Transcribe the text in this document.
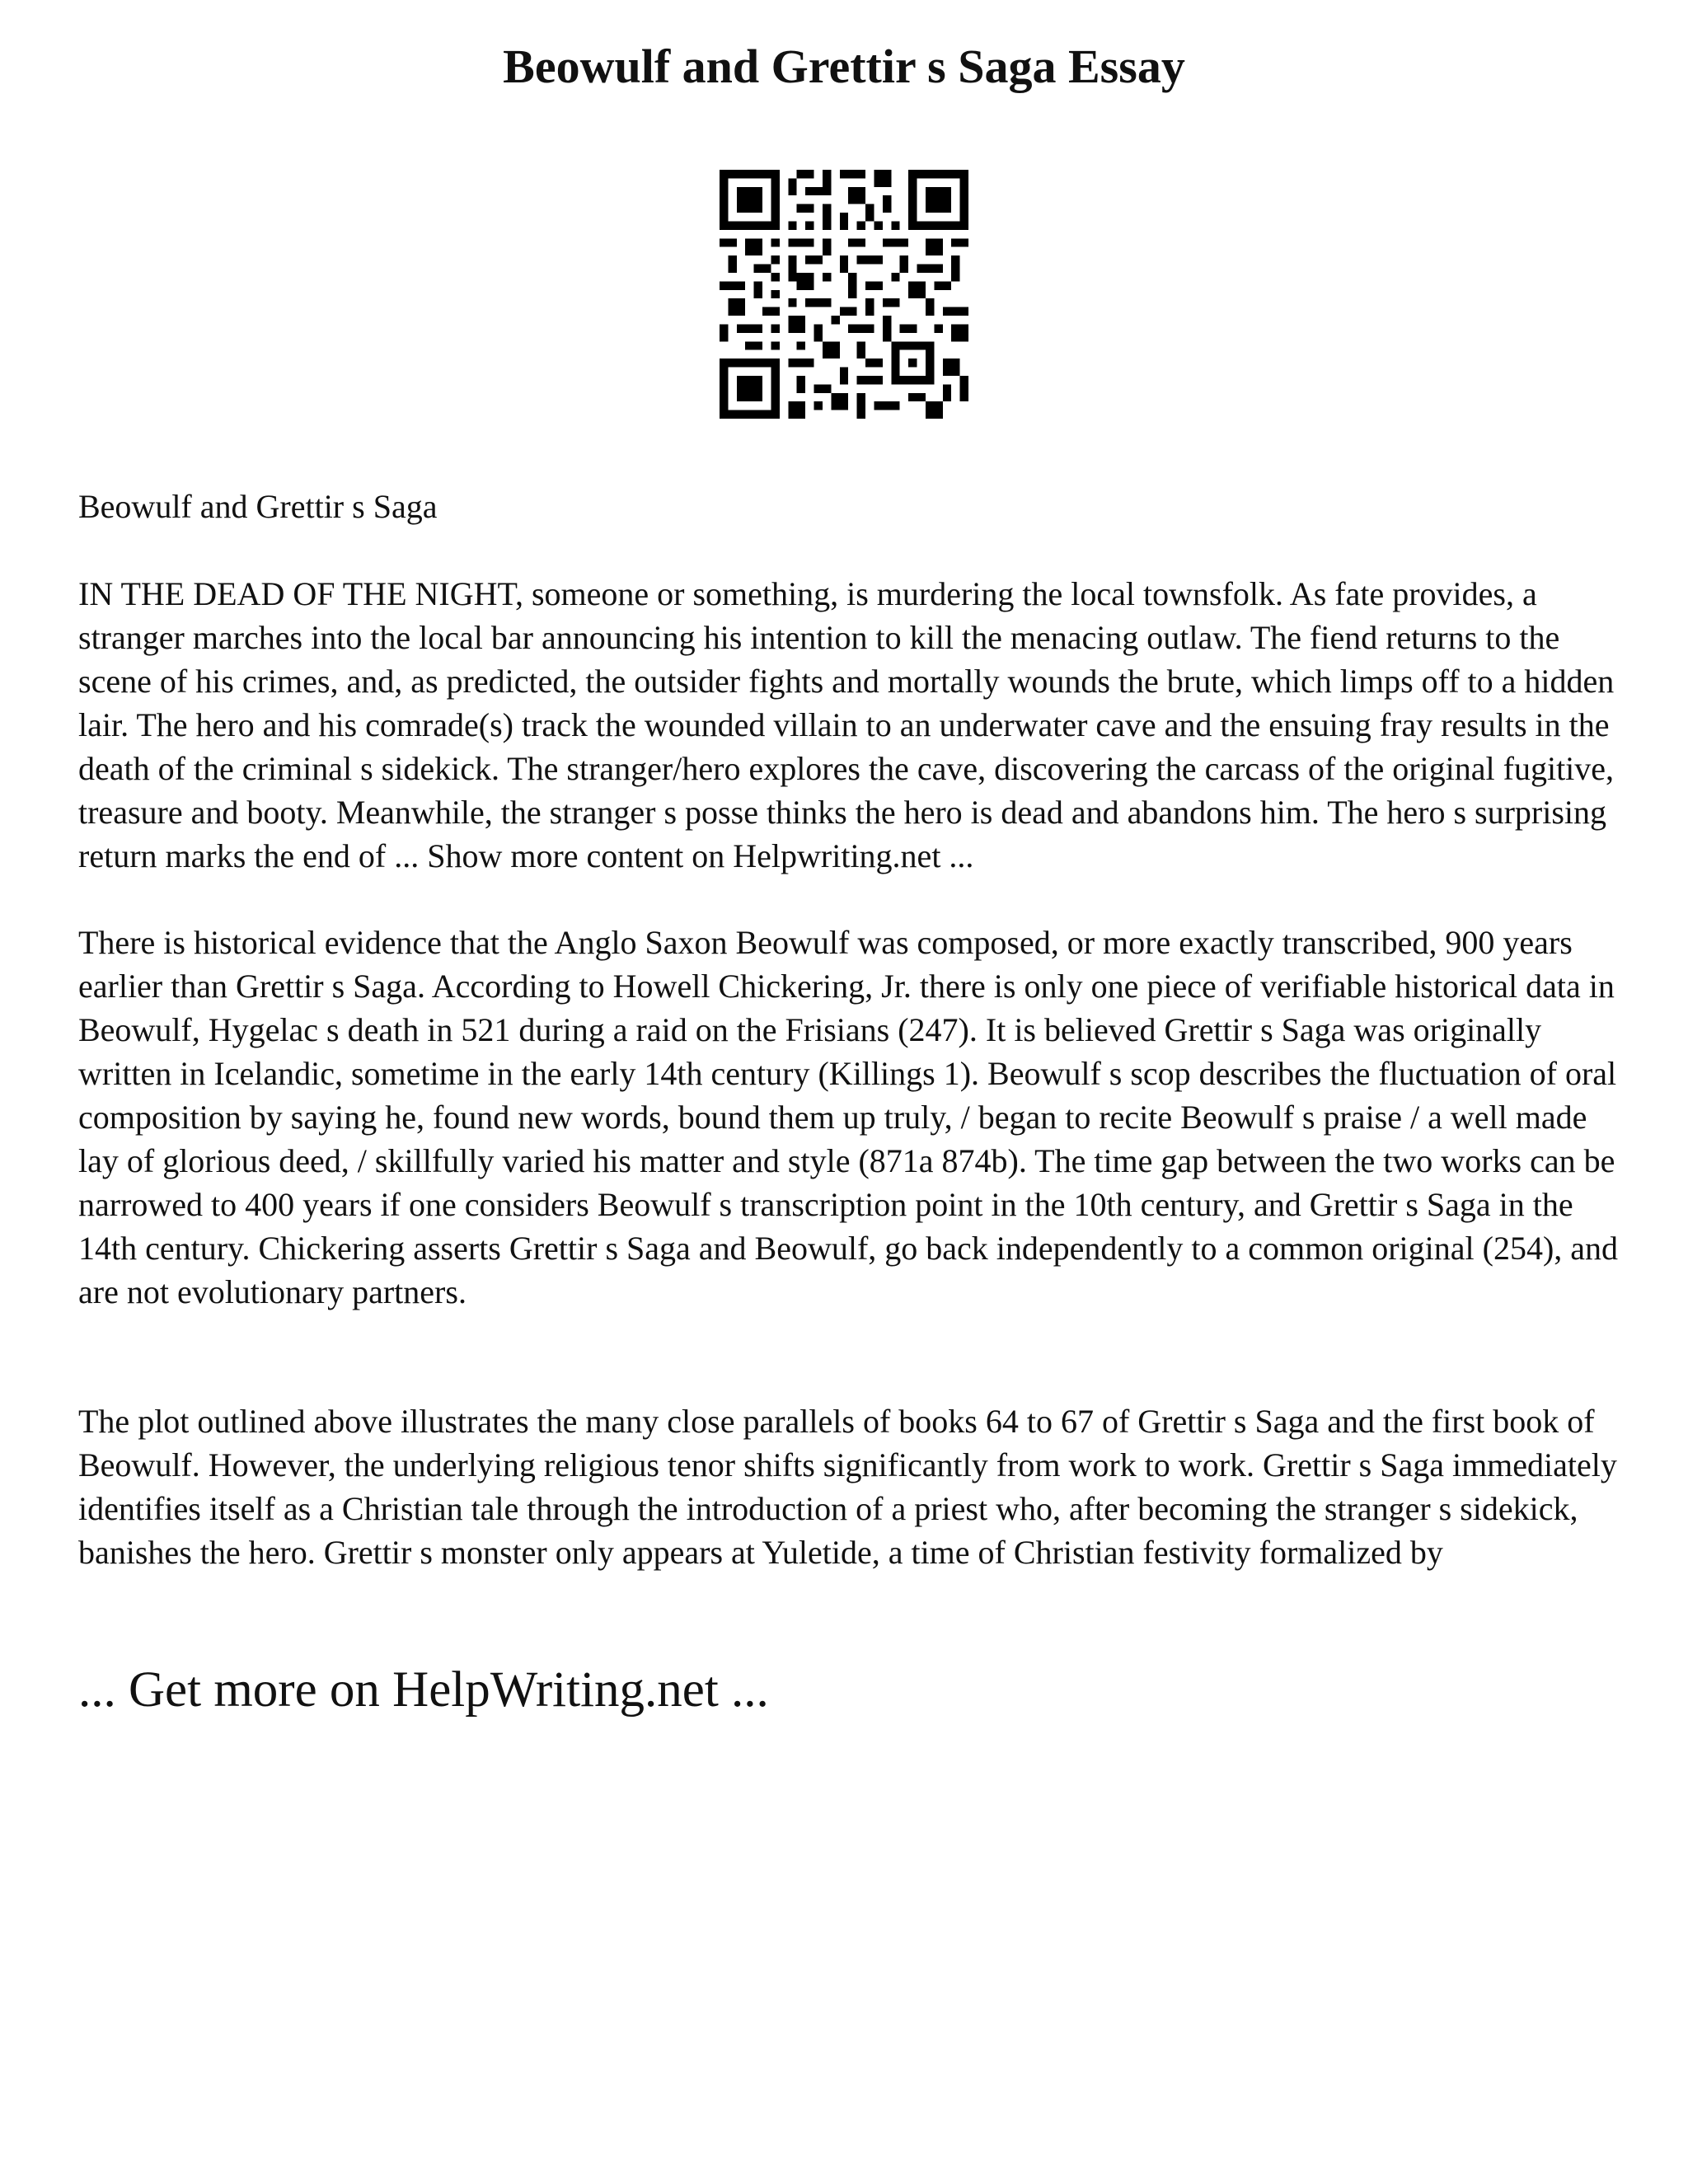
Beowulf and Grettir s Saga Essay

Beowulf and Grettir s Saga

IN THE DEAD OF THE NIGHT, someone or something, is murdering the local townsfolk. As fate provides, a stranger marches into the local bar announcing his intention to kill the menacing outlaw. The fiend returns to the scene of his crimes, and, as predicted, the outsider fights and mortally wounds the brute, which limps off to a hidden lair. The hero and his comrade(s) track the wounded villain to an underwater cave and the ensuing fray results in the death of the criminal s sidekick. The stranger/hero explores the cave, discovering the carcass of the original fugitive, treasure and booty. Meanwhile, the stranger s posse thinks the hero is dead and abandons him. The hero s surprising return marks the end of ... Show more content on Helpwriting.net ...

There is historical evidence that the Anglo Saxon Beowulf was composed, or more exactly transcribed, 900 years earlier than Grettir s Saga. According to Howell Chickering, Jr. there is only one piece of verifiable historical data in Beowulf, Hygelac s death in 521 during a raid on the Frisians (247). It is believed Grettir s Saga was originally written in Icelandic, sometime in the early 14th century (Killings 1). Beowulf s scop describes the fluctuation of oral composition by saying he, found new words, bound them up truly, / began to recite Beowulf s praise / a well made lay of glorious deed, / skillfully varied his matter and style (871a 874b). The time gap between the two works can be narrowed to 400 years if one considers Beowulf s transcription point in the 10th century, and Grettir s Saga in the 14th century. Chickering asserts Grettir s Saga and Beowulf, go back independently to a common original (254), and are not evolutionary partners.

The plot outlined above illustrates the many close parallels of books 64 to 67 of Grettir s Saga and the first book of Beowulf. However, the underlying religious tenor shifts significantly from work to work. Grettir s Saga immediately identifies itself as a Christian tale through the introduction of a priest who, after becoming the stranger s sidekick, banishes the hero. Grettir s monster only appears at Yuletide, a time of Christian festivity formalized by

... Get more on HelpWriting.net ...
